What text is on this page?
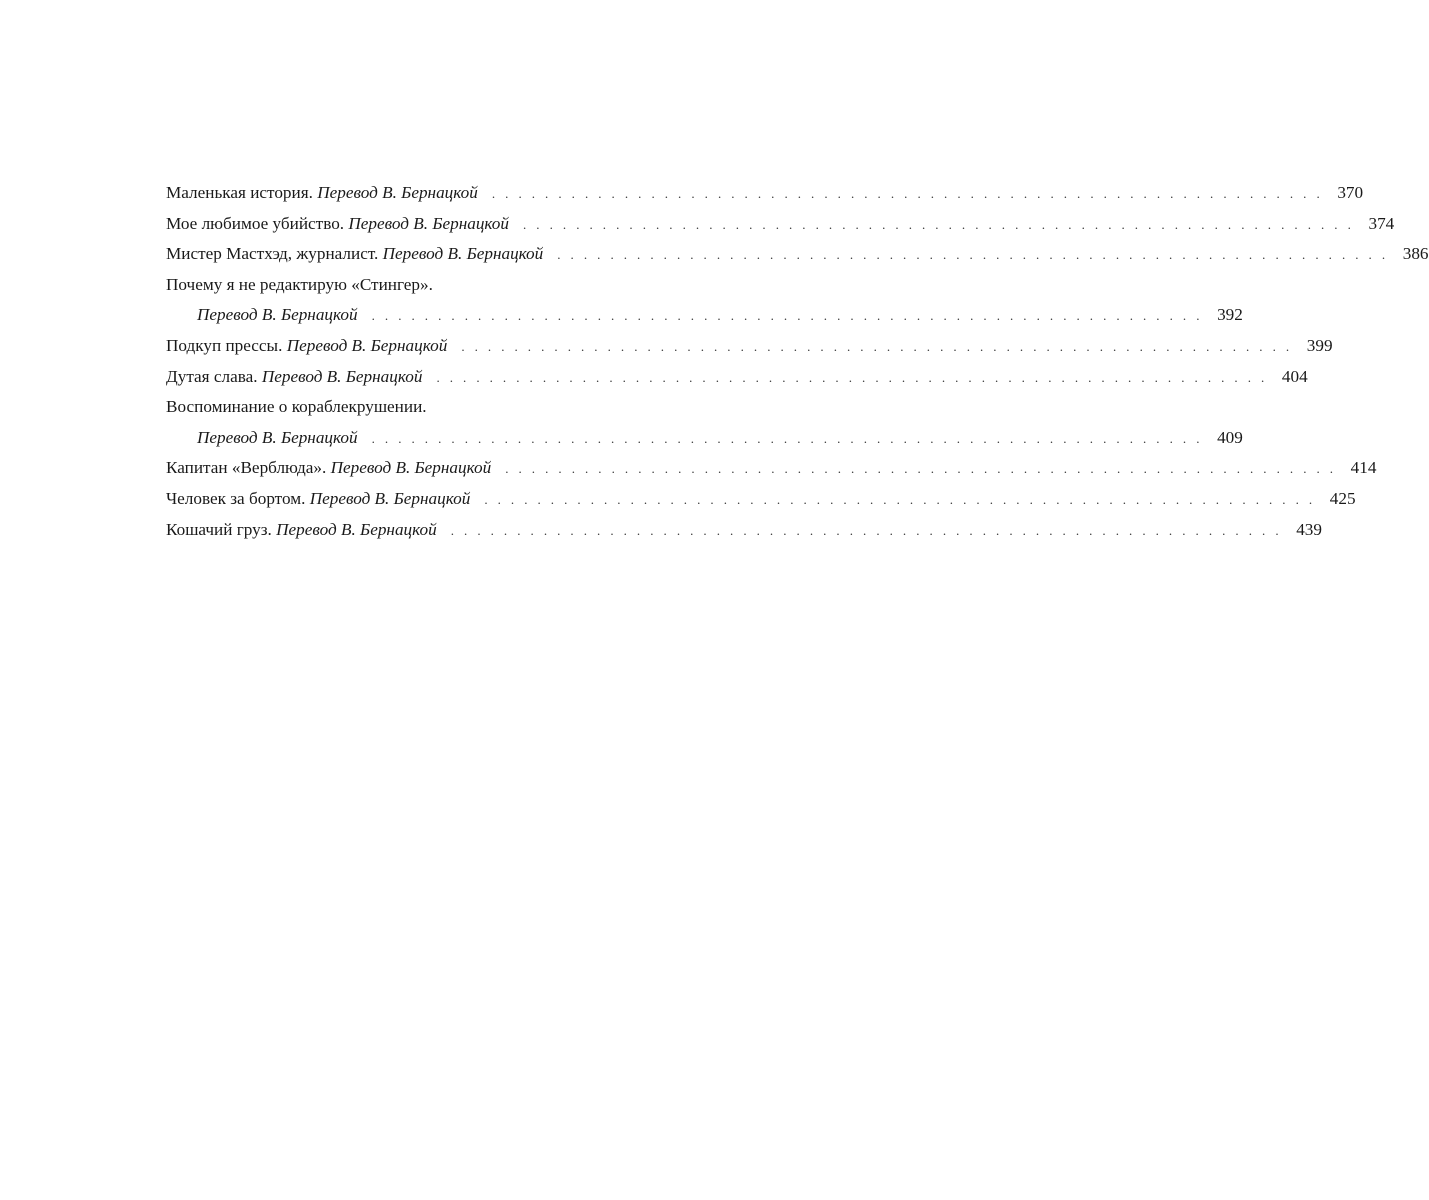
Маленькая история.
Перевод В. Бернацкой . . . . . . . . . . . . . . . . . . . . . . . . . . . . . . . . . . . . . . . . . . . . . . . . . . . . . . . . . . . . . . . 370
Мое любимое убийство.
Перевод В. Бернацкой . . . . . . . . . . . . . . . . . . . . . . . . . . . . . . . . . . . . . . . . . . . . . . . . . . . . . . . . . . . . . . . 374
Мистер Мастхэд, журналист.
Перевод В. Бернацкой . . . . . . . . . . . . . . . . . . . . . . . . . . . . . . . . . . . . . . . . . . . . . . . . . . . . . . . . . . . . . . . 386
Почему я не редактирую «Стингер».
Перевод В. Бернацкой . . . . . . . . . . . . . . . . . . . . . . . . . . . . . . . . . . . . . . . . . . . . . . . . . . . . . . . . . . . . . . . 392
Подкуп прессы.
Перевод В. Бернацкой . . . . . . . . . . . . . . . . . . . . . . . . . . . . . . . . . . . . . . . . . . . . . . . . . . . . . . . . . . . . . . . 399
Дутая слава.
Перевод В. Бернацкой . . . . . . . . . . . . . . . . . . . . . . . . . . . . . . . . . . . . . . . . . . . . . . . . . . . . . . . . . . . . . . . 404
Воспоминание о кораблекрушении.
Перевод В. Бернацкой . . . . . . . . . . . . . . . . . . . . . . . . . . . . . . . . . . . . . . . . . . . . . . . . . . . . . . . . . . . . . . . 409
Капитан «Верблюда».
Перевод В. Бернацкой . . . . . . . . . . . . . . . . . . . . . . . . . . . . . . . . . . . . . . . . . . . . . . . . . . . . . . . . . . . . . . . 414
Человек за бортом.
Перевод В. Бернацкой . . . . . . . . . . . . . . . . . . . . . . . . . . . . . . . . . . . . . . . . . . . . . . . . . . . . . . . . . . . . . . . 425
Кошачий груз.
Перевод В. Бернацкой . . . . . . . . . . . . . . . . . . . . . . . . . . . . . . . . . . . . . . . . . . . . . . . . . . . . . . . . . . . . . . . 439
